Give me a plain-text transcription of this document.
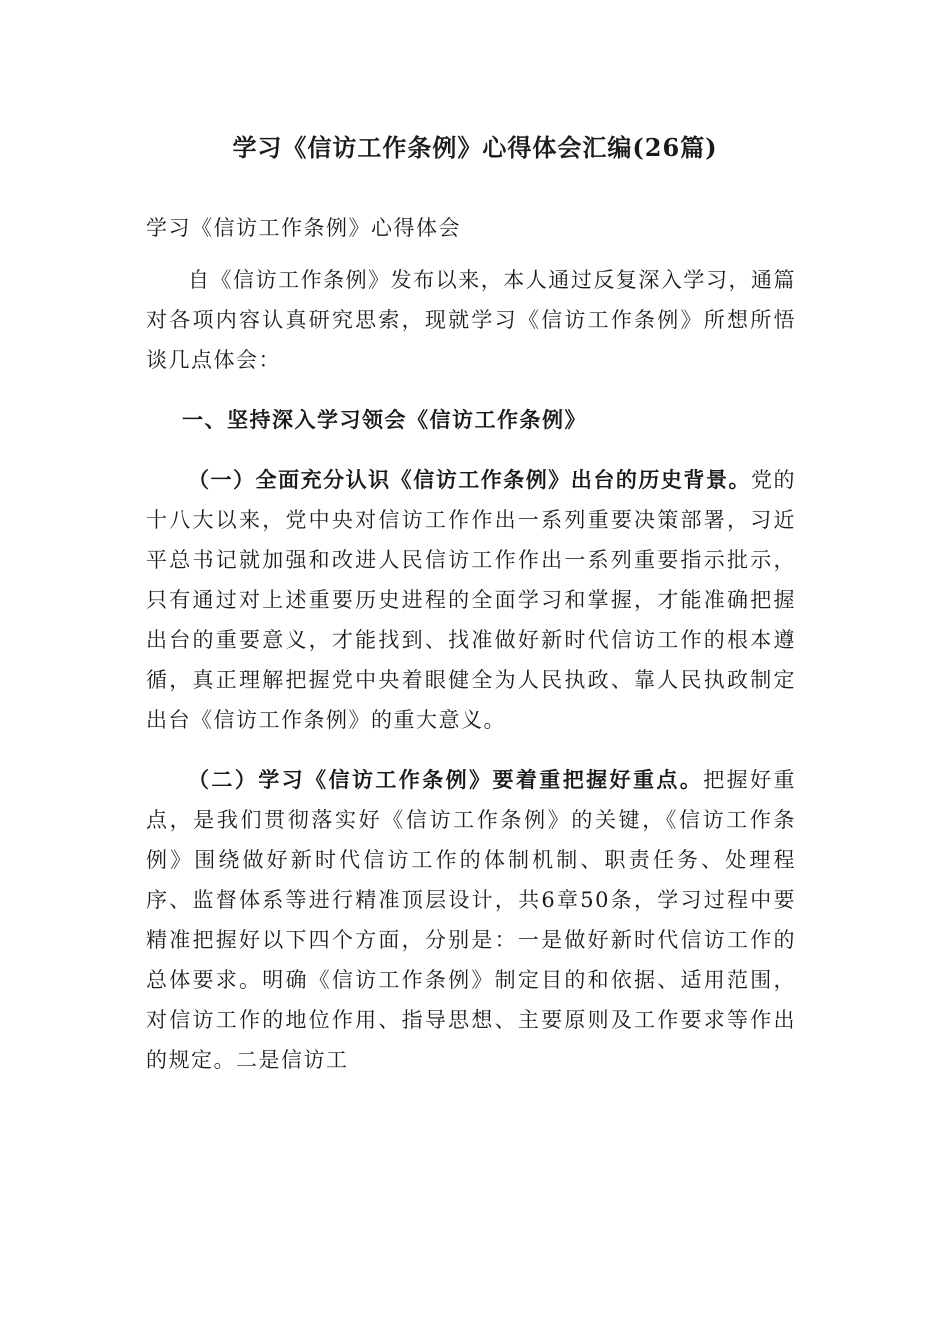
学习《信访工作条例》心得体会汇编(26篇)

学习《信访工作条例》心得体会

自《信访工作条例》发布以来，本人通过反复深入学习，通篇对各项内容认真研究思索，现就学习《信访工作条例》所想所悟谈几点体会：

一、坚持深入学习领会《信访工作条例》

（一）全面充分认识《信访工作条例》出台的历史背景。党的十八大以来，党中央对信访工作作出一系列重要决策部署，习近平总书记就加强和改进人民信访工作作出一系列重要指示批示，只有通过对上述重要历史进程的全面学习和掌握，才能准确把握出台的重要意义，才能找到、找准做好新时代信访工作的根本遵循，真正理解把握党中央着眼健全为人民执政、靠人民执政制定出台《信访工作条例》的重大意义。

（二）学习《信访工作条例》要着重把握好重点。把握好重点，是我们贯彻落实好《信访工作条例》的关键，《信访工作条例》围绕做好新时代信访工作的体制机制、职责任务、处理程序、监督体系等进行精准顶层设计，共6章50条，学习过程中要精准把握好以下四个方面，分别是：一是做好新时代信访工作的总体要求。明确《信访工作条例》制定目的和依据、适用范围，对信访工作的地位作用、指导思想、主要原则及工作要求等作出的规定。二是信访工
